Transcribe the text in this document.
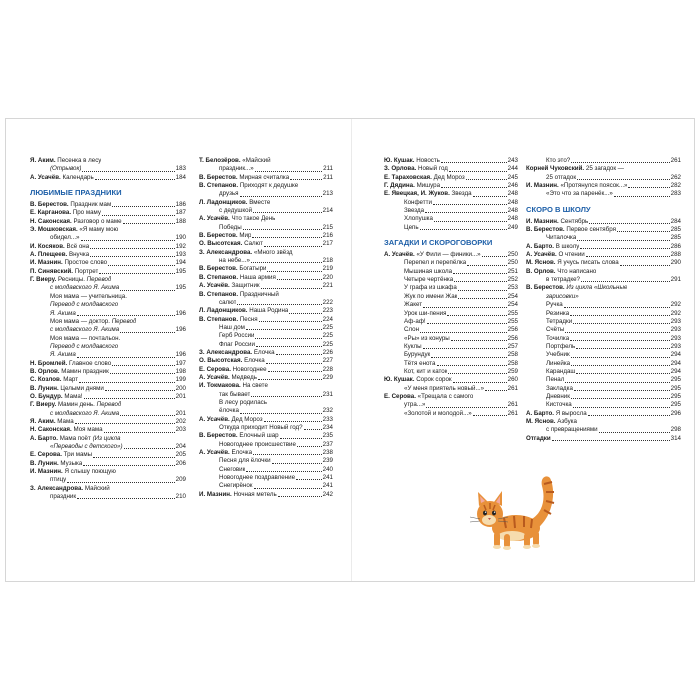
Я. Аким. Песенка в лесу
(Отрывок)	183
А. Усачёв. Календарь	184
ЛЮБИМЫЕ ПРАЗДНИКИ
В. Берестов. Праздник мам	186
Е. Карганова. Про маму	187
Н. Саконская. Разговор о маме	188
Э. Мошковская. «Я маму мою
обидел...»	190
И. Косяков. Всё она	192
А. Плещеев. Внучка	193
И. Мазнин. Простое слово	194
П. Синявский. Портрет	195
Г. Виеру. Ресницы. Перевод
с молдавского Я. Акима	195
Моя мама — учительница.
Перевод с молдавского
Я. Акима	196
Моя мама — доктор. Перевод
с молдавского Я. Акима	196
Моя мама — почтальон.
Перевод с молдавского
Я. Акима	196
Н. Бромлей. Главное слово	197
В. Орлов. Мамин праздник	198
С. Козлов. Март	199
В. Лунин. Целыми днями	200
О. Бундур. Мама!	201
Г. Виеру. Мамин день. Перевод
с молдавского Я. Акима	201
Я. Аким. Мама	202
Н. Саконская. Моя мама	203
А. Барто. Мама поёт (Из цикла
«Переводы с детского»)	204
Е. Серова. Три мамы	205
В. Лунин. Музыка	206
И. Мазнин. Я слышу поющую
птицу	209
З. Александрова. Майский
праздник	210
Т. Белозёров. «Майский
праздник...»	211
В. Берестов. Мирная считалка	211
В. Степанов. Приходят к дедушке
друзья	213
Л. Ладонщиков. Вместе
с дедушкой	214
А. Усачёв. Что такое День
Победы	215
В. Берестов. Мир	216
О. Высотская. Салют	217
З. Александрова. «Много звёзд
на небе...»	218
В. Берестов. Богатыри	219
В. Степанов. Наша армия	220
А. Усачёв. Защитник	221
В. Степанов. Праздничный
салют	222
Л. Ладонщиков. Наша Родина	223
В. Степанов. Песня	224
Наш дом	225
Герб России	225
Флаг России	225
З. Александрова. Ёлочка	226
О. Высотская. Ёлочка	227
Е. Серова. Новогоднее	228
А. Усачёв. Медведь	229
И. Токмакова. На свете
так бывает	231
В лесу родилась
ёлочка	232
А. Усачёв. Дед Мороз	233
Откуда приходит Новый год?	234
В. Берестов. Ёлочный шар	235
Новогоднее происшествие	237
А. Усачёв. Ёлочка	238
Песня для ёлочки	239
Снеговик	240
Новогоднее поздравление	241
Снегирёнок	241
И. Мазнин. Ночная метель	242
Ю. Кушак. Новость	243
З. Орлова. Новый год	244
Е. Тараховская. Дед Мороз	245
Г. Дядина. Мишура	246
Е. Явецкая, И. Жуков. Звезда	248
Конфетти	248
Звезда	248
Хлопушка	248
Цепь	249
ЗАГАДКИ И СКОРОГОВОРКИ
А. Усачёв. «У Фили — финики...»	250
Перепел и перепёлка	250
Мышиная школа	251
Четыре чертёнка	252
У графа из шкафа	253
Жук по имени Жак	254
Жакет	254
Урок ши-пения	255
Аф-аф!	255
Слон	256
«Ры» из конуры	256
Куклы	257
Бурундук	258
Тётя енота	258
Кот, кит и каток	259
Ю. Кушак. Сорок сорок	260
«У меня приятель новый...»	261
Е. Серова. «Трещала с самого
утра...»	261
«Золотой и молодой...»	261
Кто это?	261
Корней Чуковский. 25 загадок —
25 отгадок	262
И. Мазнин. «Протянулся поясок...»	282
«Это что за паренёк...»	283
СКОРО В ШКОЛУ
И. Мазнин. Сентябрь	284
В. Берестов. Первое сентября	285
Читалочка	285
А. Барто. В школу	286
А. Усачёв. О чтении	288
М. Яснов. Я учусь писать слова	290
В. Орлов. Что написано
в тетрадке?	291
В. Берестов. Из цикла «Школьные
зарисовки»
Ручка	292
Резинка	292
Тетрадки	293
Счёты	293
Точилка	293
Портфель	293
Учебник	294
Линейка	294
Карандаш	294
Пенал	295
Закладка	295
Дневник	295
Кисточка	295
А. Барто. Я выросла	296
М. Яснов. Азбука
с превращениями	298
Отгадки	314
